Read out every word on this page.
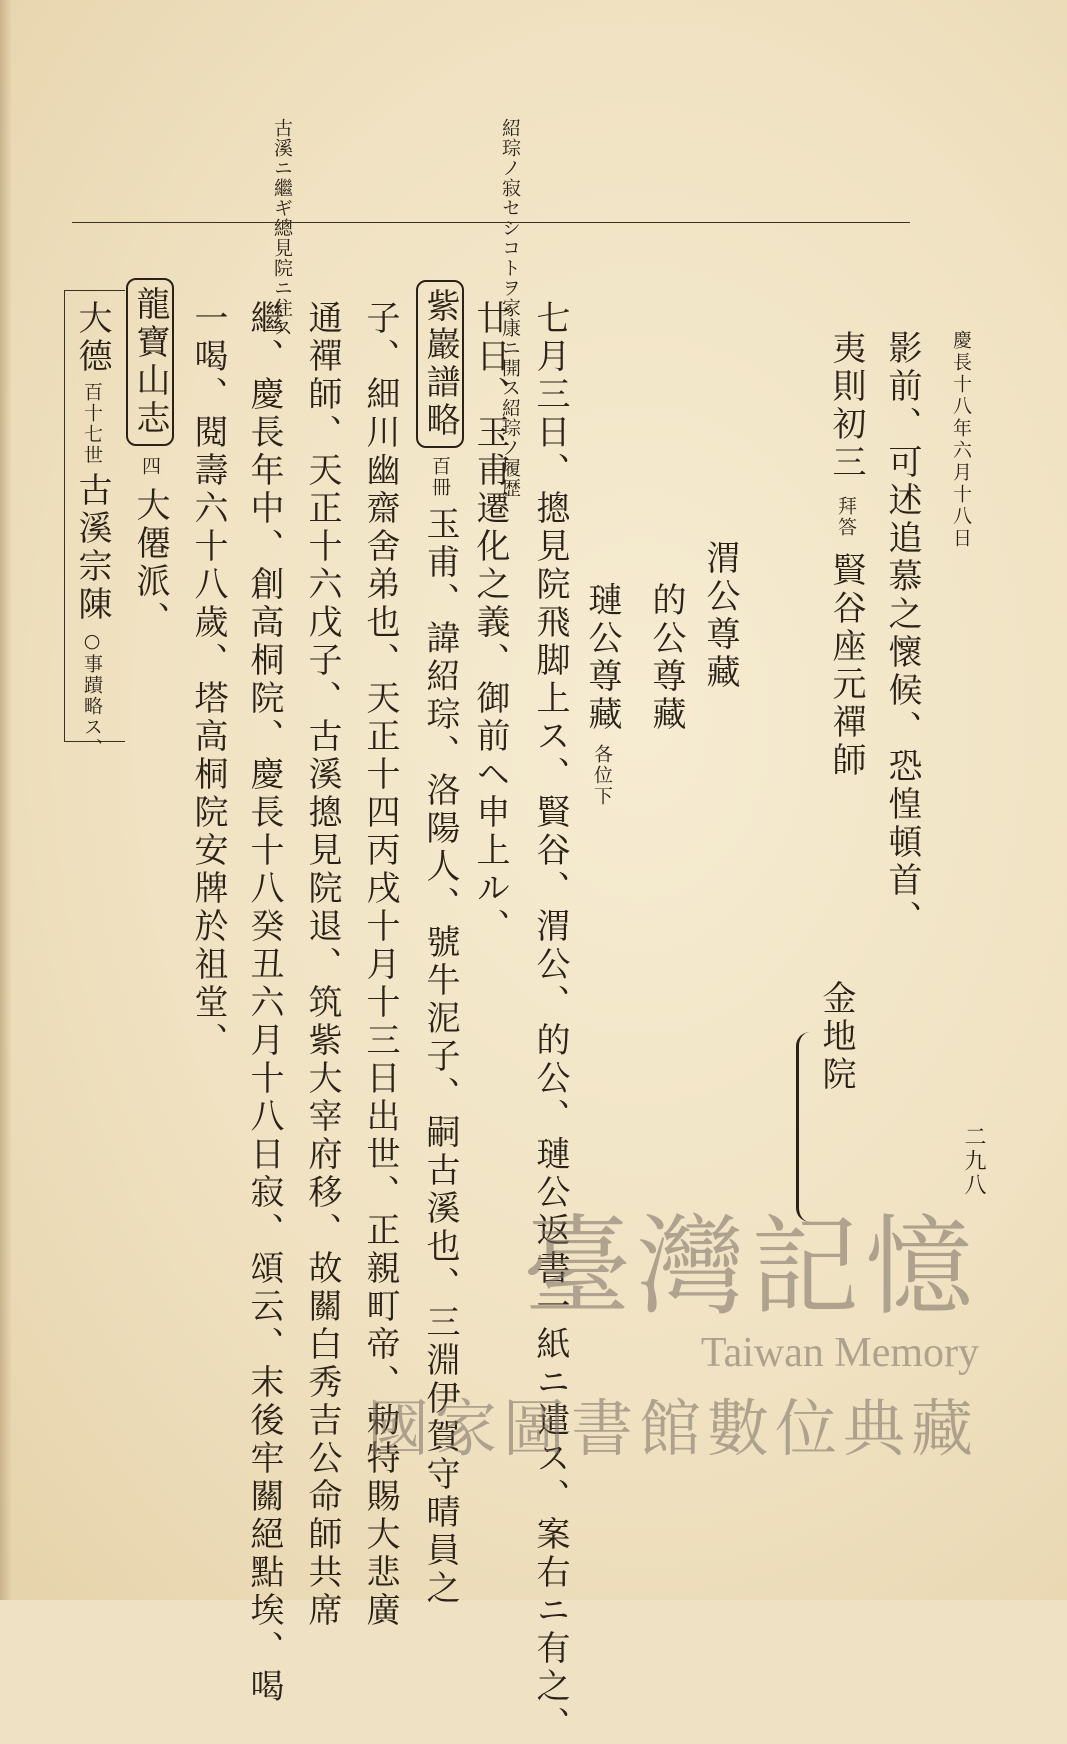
紹琮ノ寂セシコトヲ家康ニ開ス紹琮ノ履歴
古溪ニ繼ギ總見院ニ住ス
慶長十八年六月十八日
二九八
影前、可述追慕之懷候、恐惶頓首、
夷則初三拜答賢谷座元禪師
渭公尊藏
的公尊藏
璉公尊藏各位下
七月三日、摠見院飛脚上ス、賢谷、渭公、的公、璉公返書一紙ニ遣ス、案右ニ有之、
廿日、玉甫遷化之義、御前ヘ申上ル、
紫巖譜略百冊玉甫、諱紹琮、洛陽人、號牛泥子、嗣古溪也、三淵伊賀守晴員之
子、細川幽齋舍弟也、天正十四丙戌十月十三日出世、正親町帝、勅特賜大悲廣
通禪師、天正十六戊子、古溪摠見院退、筑紫大宰府移、故關白秀吉公命師共席
繼、慶長年中、創高桐院、慶長十八癸丑六月十八日寂、頌云、末後牢關絕點埃、喝
一喝、閱壽六十八歲、塔高桐院安牌於祖堂、
龍寶山志四大僊派、
大德百十七世古溪宗陳○事蹟略ス、
金地院
臺灣記憶
Taiwan Memory
國家圖書館數位典藏
